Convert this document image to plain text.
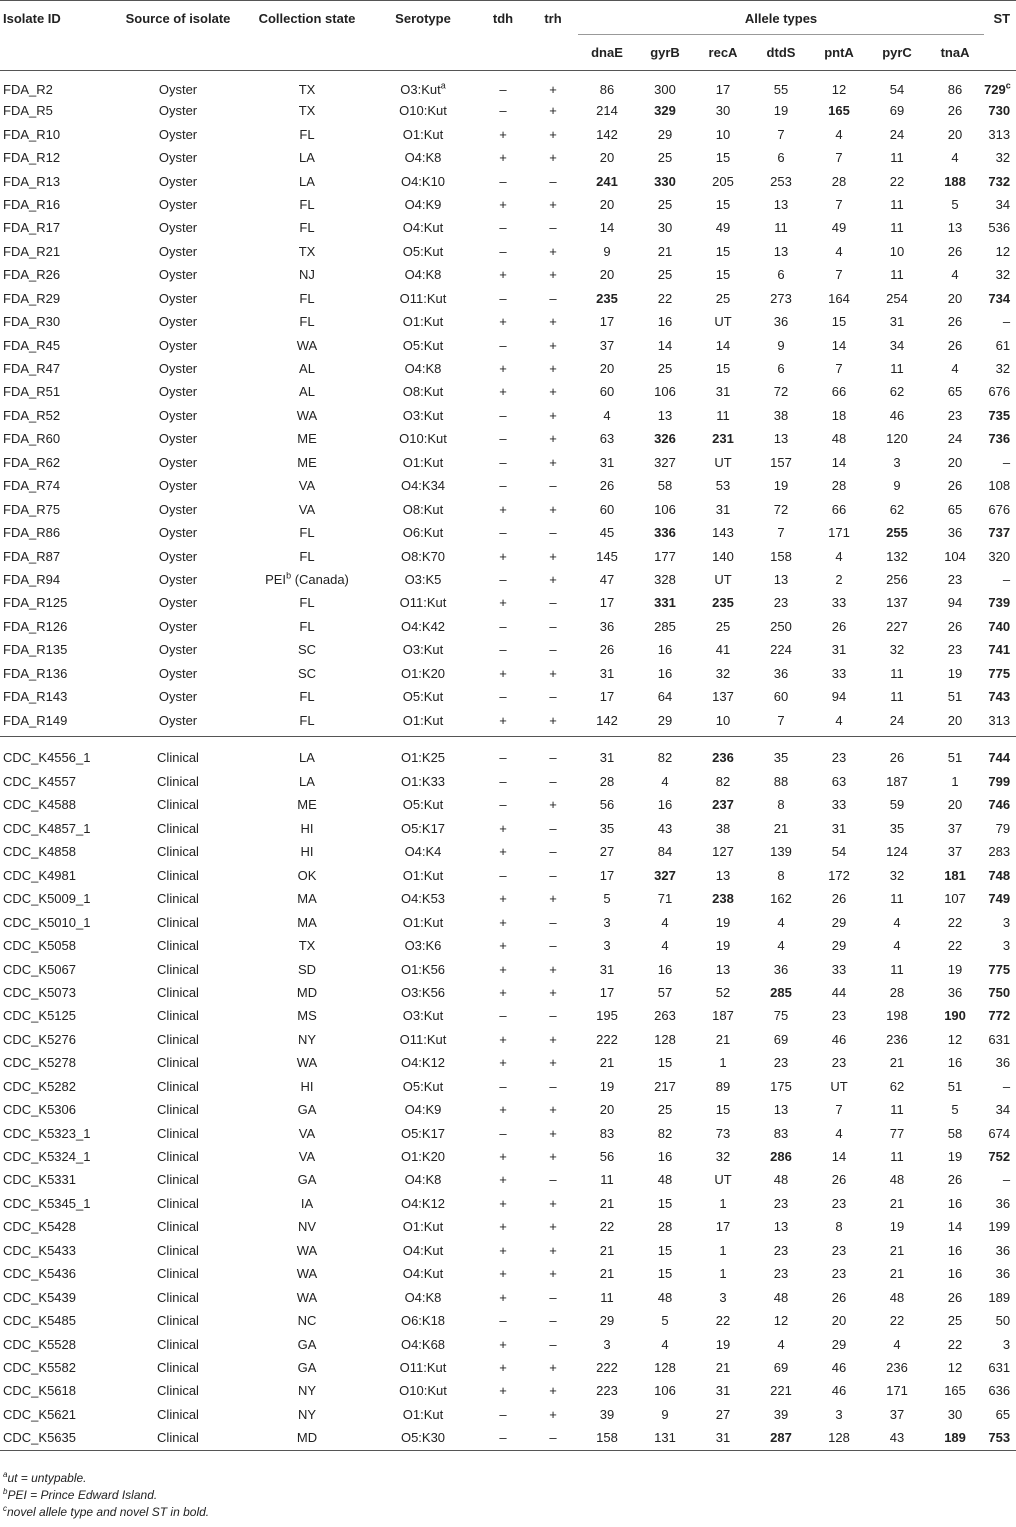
Isolate ID	Source of isolate	Collection state	Serotype	tdh	trh	Allele types							ST
						dnaE	gyrB	recA	dtdS	pntA	pyrC	tnaA	

FDA_R2	Oyster	TX	O3:Kut$^a$	–	+	86	300	17	55	12	54	86	729$^c$
FDA_R5	Oyster	TX	O10:Kut	–	+	214	329	30	19	165	69	26	730
FDA_R10	Oyster	FL	O1:Kut	+	+	142	29	10	7	4	24	20	313
FDA_R12	Oyster	LA	O4:K8	+	+	20	25	15	6	7	11	4	32
FDA_R13	Oyster	LA	O4:K10	–	–	241	330	205	253	28	22	188	732
FDA_R16	Oyster	FL	O4:K9	+	+	20	25	15	13	7	11	5	34
FDA_R17	Oyster	FL	O4:Kut	–	–	14	30	49	11	49	11	13	536
FDA_R21	Oyster	TX	O5:Kut	–	+	9	21	15	13	4	10	26	12
FDA_R26	Oyster	NJ	O4:K8	+	+	20	25	15	6	7	11	4	32
FDA_R29	Oyster	FL	O11:Kut	–	–	235	22	25	273	164	254	20	734
FDA_R30	Oyster	FL	O1:Kut	+	+	17	16	UT	36	15	31	26	–
FDA_R45	Oyster	WA	O5:Kut	–	+	37	14	14	9	14	34	26	61
FDA_R47	Oyster	AL	O4:K8	+	+	20	25	15	6	7	11	4	32
FDA_R51	Oyster	AL	O8:Kut	+	+	60	106	31	72	66	62	65	676
FDA_R52	Oyster	WA	O3:Kut	–	+	4	13	11	38	18	46	23	735
FDA_R60	Oyster	ME	O10:Kut	–	+	63	326	231	13	48	120	24	736
FDA_R62	Oyster	ME	O1:Kut	–	+	31	327	UT	157	14	3	20	–
FDA_R74	Oyster	VA	O4:K34	–	–	26	58	53	19	28	9	26	108
FDA_R75	Oyster	VA	O8:Kut	+	+	60	106	31	72	66	62	65	676
FDA_R86	Oyster	FL	O6:Kut	–	–	45	336	143	7	171	255	36	737
FDA_R87	Oyster	FL	O8:K70	+	+	145	177	140	158	4	132	104	320
FDA_R94	Oyster	PEI$^b$ (Canada)	O3:K5	–	+	47	328	UT	13	2	256	23	–
FDA_R125	Oyster	FL	O11:Kut	+	–	17	331	235	23	33	137	94	739
FDA_R126	Oyster	FL	O4:K42	–	–	36	285	25	250	26	227	26	740
FDA_R135	Oyster	SC	O3:Kut	–	–	26	16	41	224	31	32	23	741
FDA_R136	Oyster	SC	O1:K20	+	+	31	16	32	36	33	11	19	775
FDA_R143	Oyster	FL	O5:Kut	–	–	17	64	137	60	94	11	51	743
FDA_R149	Oyster	FL	O1:Kut	+	+	142	29	10	7	4	24	20	313

CDC_K4556_1	Clinical	LA	O1:K25	–	–	31	82	236	35	23	26	51	744
CDC_K4557	Clinical	LA	O1:K33	–	–	28	4	82	88	63	187	1	799
CDC_K4588	Clinical	ME	O5:Kut	–	+	56	16	237	8	33	59	20	746
CDC_K4857_1	Clinical	HI	O5:K17	+	–	35	43	38	21	31	35	37	79
CDC_K4858	Clinical	HI	O4:K4	+	–	27	84	127	139	54	124	37	283
CDC_K4981	Clinical	OK	O1:Kut	–	–	17	327	13	8	172	32	181	748
CDC_K5009_1	Clinical	MA	O4:K53	+	+	5	71	238	162	26	11	107	749
CDC_K5010_1	Clinical	MA	O1:Kut	+	–	3	4	19	4	29	4	22	3
CDC_K5058	Clinical	TX	O3:K6	+	–	3	4	19	4	29	4	22	3
CDC_K5067	Clinical	SD	O1:K56	+	+	31	16	13	36	33	11	19	775
CDC_K5073	Clinical	MD	O3:K56	+	+	17	57	52	285	44	28	36	750
CDC_K5125	Clinical	MS	O3:Kut	–	–	195	263	187	75	23	198	190	772
CDC_K5276	Clinical	NY	O11:Kut	+	+	222	128	21	69	46	236	12	631
CDC_K5278	Clinical	WA	O4:K12	+	+	21	15	1	23	23	21	16	36
CDC_K5282	Clinical	HI	O5:Kut	–	–	19	217	89	175	UT	62	51	–
CDC_K5306	Clinical	GA	O4:K9	+	+	20	25	15	13	7	11	5	34
CDC_K5323_1	Clinical	VA	O5:K17	–	+	83	82	73	83	4	77	58	674
CDC_K5324_1	Clinical	VA	O1:K20	+	+	56	16	32	286	14	11	19	752
CDC_K5331	Clinical	GA	O4:K8	+	–	11	48	UT	48	26	48	26	–
CDC_K5345_1	Clinical	IA	O4:K12	+	+	21	15	1	23	23	21	16	36
CDC_K5428	Clinical	NV	O1:Kut	+	+	22	28	17	13	8	19	14	199
CDC_K5433	Clinical	WA	O4:Kut	+	+	21	15	1	23	23	21	16	36
CDC_K5436	Clinical	WA	O4:Kut	+	+	21	15	1	23	23	21	16	36
CDC_K5439	Clinical	WA	O4:K8	+	–	11	48	3	48	26	48	26	189
CDC_K5485	Clinical	NC	O6:K18	–	–	29	5	22	12	20	22	25	50
CDC_K5528	Clinical	GA	O4:K68	+	–	3	4	19	4	29	4	22	3
CDC_K5582	Clinical	GA	O11:Kut	+	+	222	128	21	69	46	236	12	631
CDC_K5618	Clinical	NY	O10:Kut	+	+	223	106	31	221	46	171	165	636
CDC_K5621	Clinical	NY	O1:Kut	–	+	39	9	27	39	3	37	30	65
CDC_K5635	Clinical	MD	O5:K30	–	–	158	131	31	287	128	43	189	753

$^a$ut = untypable.
$^b$PEI = Prince Edward Island.
$^c$novel allele type and novel ST in bold.
